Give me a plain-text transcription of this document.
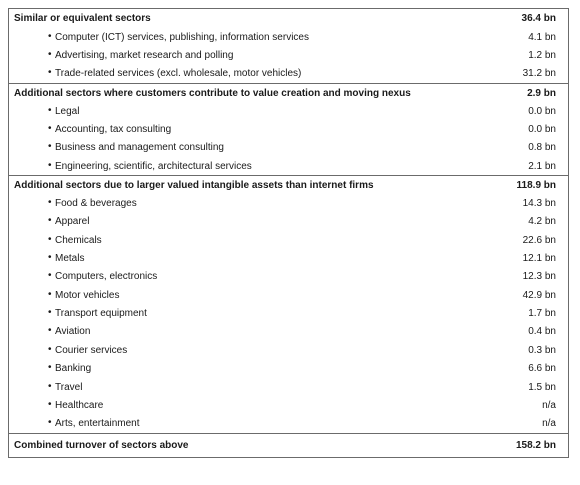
Similar or equivalent sectors	36.4 bn
• Computer (ICT) services, publishing, information services	4.1 bn
• Advertising, market research and polling	1.2 bn
• Trade-related services (excl. wholesale, motor vehicles)	31.2 bn
Additional sectors where customers contribute to value creation and moving nexus	2.9 bn
• Legal	0.0 bn
• Accounting, tax consulting	0.0 bn
• Business and management consulting	0.8 bn
• Engineering, scientific, architectural services	2.1 bn
Additional sectors due to larger valued intangible assets than internet firms	118.9 bn
• Food & beverages	14.3 bn
• Apparel	4.2 bn
• Chemicals	22.6 bn
• Metals	12.1 bn
• Computers, electronics	12.3 bn
• Motor vehicles	42.9 bn
• Transport equipment	1.7 bn
• Aviation	0.4 bn
• Courier services	0.3 bn
• Banking	6.6 bn
• Travel	1.5 bn
• Healthcare	n/a
• Arts, entertainment	n/a
Combined turnover of sectors above	158.2 bn
